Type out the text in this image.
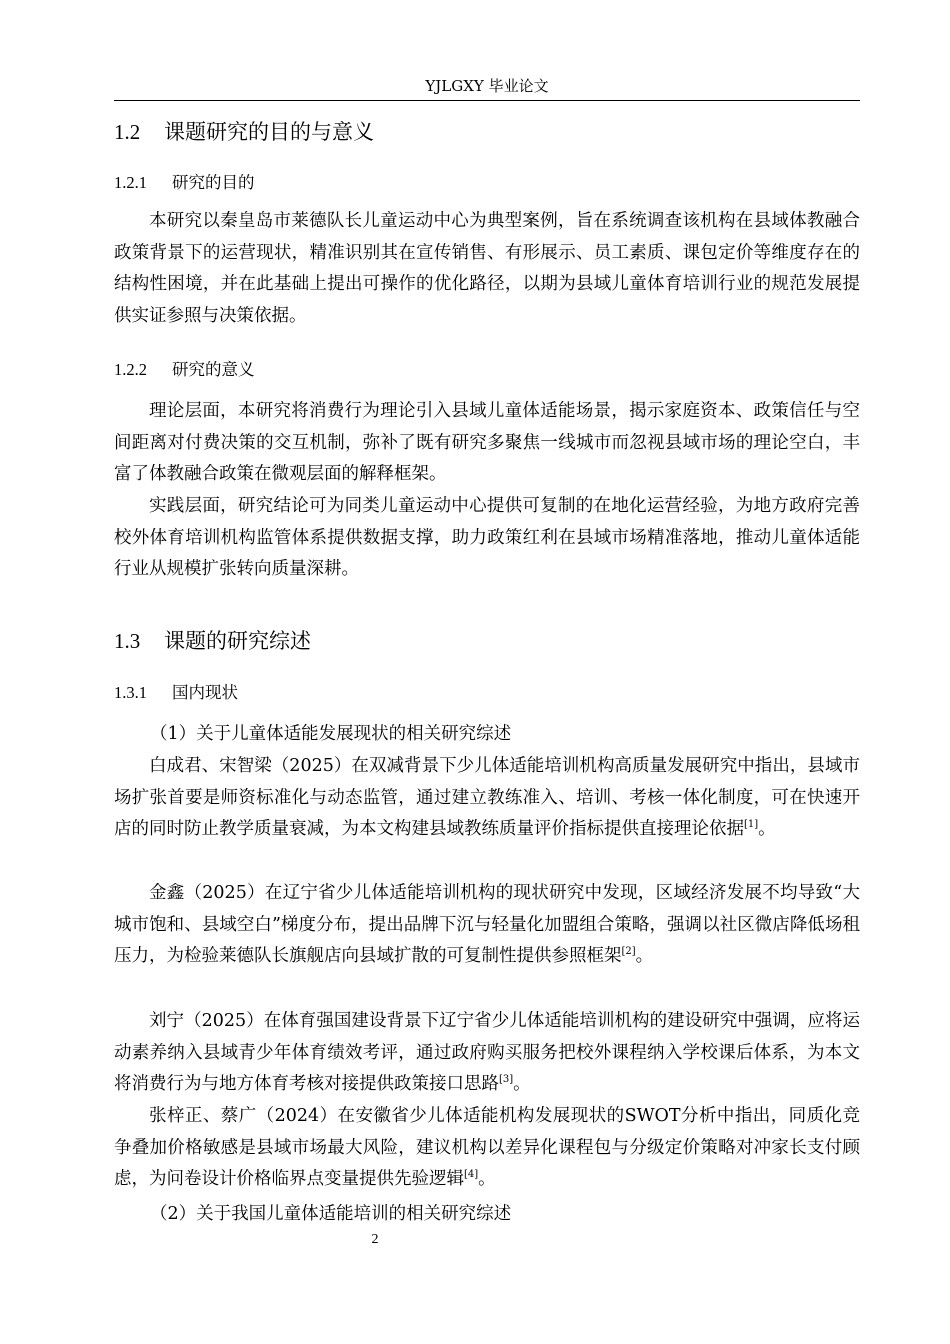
YJLGXY 毕业论文
1.2 课题研究的目的与意义
1.2.1 研究的目的

本研究以秦皇岛市莱德队长儿童运动中心为典型案例，旨在系统调查该机构在县域体教融合政策背景下的运营现状，精准识别其在宣传销售、有形展示、员工素质、课包定价等维度存在的结构性困境，并在此基础上提出可操作的优化路径，以期为县域儿童体育培训行业的规范发展提供实证参照与决策依据。

1.2.2 研究的意义

理论层面，本研究将消费行为理论引入县域儿童体适能场景，揭示家庭资本、政策信任与空间距离对付费决策的交互机制，弥补了既有研究多聚焦一线城市而忽视县域市场的理论空白，丰富了体教融合政策在微观层面的解释框架。

实践层面，研究结论可为同类儿童运动中心提供可复制的在地化运营经验，为地方政府完善校外体育培训机构监管体系提供数据支撑，助力政策红利在县域市场精准落地，推动儿童体适能行业从规模扩张转向质量深耕。

1.3 课题的研究综述
1.3.1 国内现状
（1）关于儿童体适能发展现状的相关研究综述

白成君、宋智梁（2025）在双减背景下少儿体适能培训机构高质量发展研究中指出，县域市场扩张首要是师资标准化与动态监管，通过建立教练准入、培训、考核一体化制度，可在快速开店的同时防止教学质量衰减，为本文构建县域教练质量评价指标提供直接理论依据[1]。

金鑫（2025）在辽宁省少儿体适能培训机构的现状研究中发现，区域经济发展不均导致“大城市饱和、县域空白”梯度分布，提出品牌下沉与轻量化加盟组合策略，强调以社区微店降低场租压力，为检验莱德队长旗舰店向县域扩散的可复制性提供参照框架[2]。

刘宁（2025）在体育强国建设背景下辽宁省少儿体适能培训机构的建设研究中强调，应将运动素养纳入县域青少年体育绩效考评，通过政府购买服务把校外课程纳入学校课后体系，为本文将消费行为与地方体育考核对接提供政策接口思路[3]。

张梓正、蔡广（2024）在安徽省少儿体适能机构发展现状的SWOT分析中指出，同质化竞争叠加价格敏感是县域市场最大风险，建议机构以差异化课程包与分级定价策略对冲家长支付顾虑，为问卷设计价格临界点变量提供先验逻辑[4]。

（2）关于我国儿童体适能培训的相关研究综述
2
